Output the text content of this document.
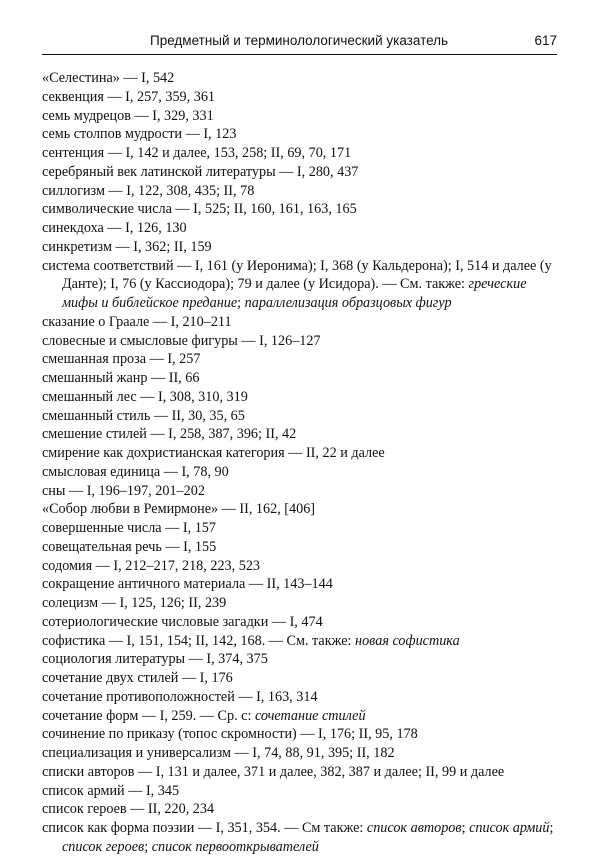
Предметный и терминолологический указатель	617
«Селестина» — I, 542
секвенция — I, 257, 359, 361
семь мудрецов — I, 329, 331
семь столпов мудрости — I, 123
сентенция — I, 142 и далее, 153, 258; II, 69, 70, 171
серебряный век латинской литературы — I, 280, 437
силлогизм — I, 122, 308, 435; II, 78
символические числа — I, 525; II, 160, 161, 163, 165
синекдоха — I, 126, 130
синкретизм — I, 362; II, 159
система соответствий — I, 161 (у Иеронима); I, 368 (у Кальдерона); I, 514 и далее (у Данте); I, 76 (у Кассиодора); 79 и далее (у Исидора). — См. также: греческие мифы и библейское предание; параллелизация образцовых фигур
сказание о Граале — I, 210–211
словесные и смысловые фигуры — I, 126–127
смешанная проза — I, 257
смешанный жанр — II, 66
смешанный лес — I, 308, 310, 319
смешанный стиль — II, 30, 35, 65
смешение стилей — I, 258, 387, 396; II, 42
смирение как дохристианская категория — II, 22 и далее
смысловая единица — I, 78, 90
сны — I, 196–197, 201–202
«Собор любви в Ремирмоне» — II, 162, [406]
совершенные числа — I, 157
совещательная речь — I, 155
содомия — I, 212–217, 218, 223, 523
сокращение античного материала — II, 143–144
солецизм — I, 125, 126; II, 239
сотериологические числовые загадки — I, 474
софистика — I, 151, 154; II, 142, 168. — См. также: новая софистика
социология литературы — I, 374, 375
сочетание двух стилей — I, 176
сочетание противоположностей — I, 163, 314
сочетание форм — I, 259. — Ср. с: сочетание стилей
сочинение по приказу (топос скромности) — I, 176; II, 95, 178
специализация и универсализм — I, 74, 88, 91, 395; II, 182
списки авторов — I, 131 и далее, 371 и далее, 382, 387 и далее; II, 99 и далее
список армий — I, 345
список героев — II, 220, 234
список как форма поэзии — I, 351, 354. — См также: список авторов; список армий; список героев; список первооткрывателей
